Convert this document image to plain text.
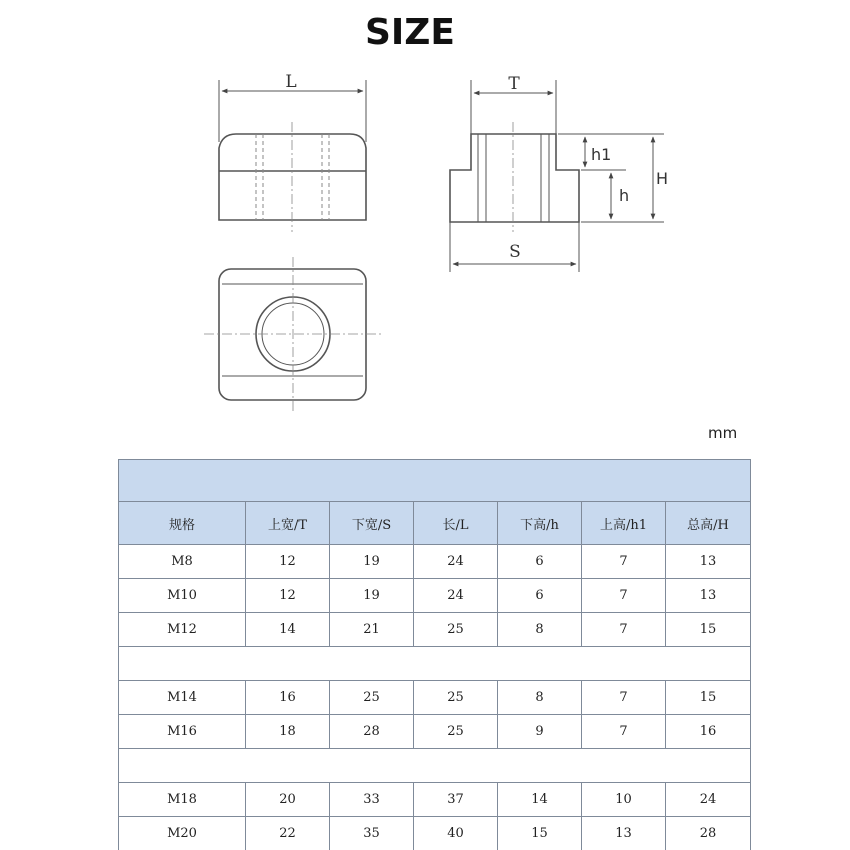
SIZE
L	T
S
h1
h
H
mm

规格	上宽/T	下宽/S	长/L	下高/h	上高/h1	总高/H
M8	12	19	24	6	7	13
M10	12	19	24	6	7	13
M12	14	21	25	8	7	15

M14	16	25	25	8	7	15
M16	18	28	25	9	7	16

M18	20	33	37	14	10	24
M20	22	35	40	15	13	28
